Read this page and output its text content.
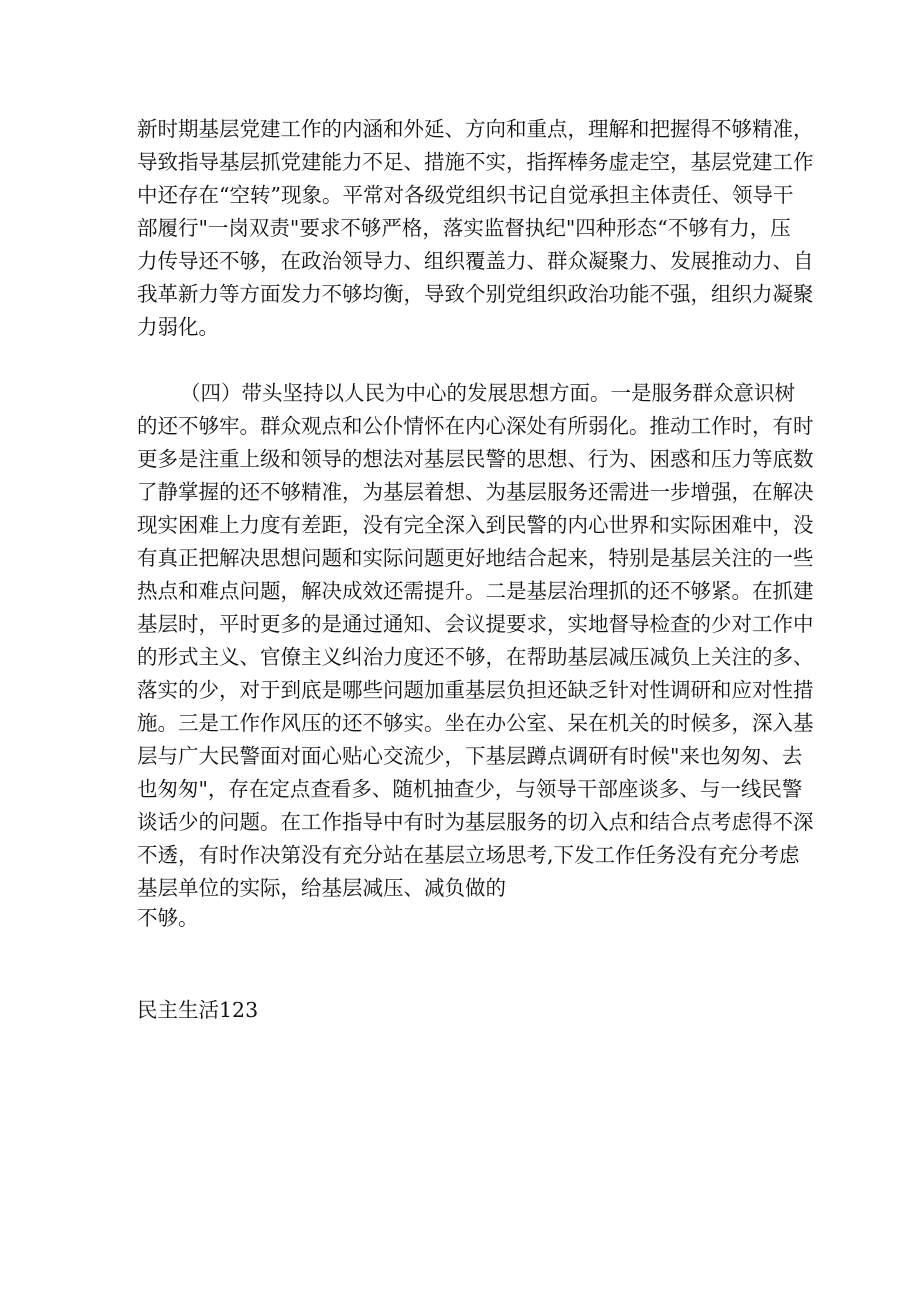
新时期基层党建工作的内涵和外延、方向和重点，理解和把握得不够精准，
导致指导基层抓党建能力不足、措施不实，指挥棒务虚走空，基层党建工作
中还存在“空转”现象。平常对各级党组织书记自觉承担主体责任、领导干
部履行"一岗双责"要求不够严格，落实监督执纪"四种形态“不够有力，压
力传导还不够，在政治领导力、组织覆盖力、群众凝聚力、发展推动力、自
我革新力等方面发力不够均衡，导致个别党组织政治功能不强，组织力凝聚
力弱化。
（四）带头坚持以人民为中心的发展思想方面。一是服务群众意识树
的还不够牢。群众观点和公仆情怀在内心深处有所弱化。推动工作时，有时
更多是注重上级和领导的想法对基层民警的思想、行为、困惑和压力等底数
了静掌握的还不够精准，为基层着想、为基层服务还需进一步增强，在解决
现实困难上力度有差距，没有完全深入到民警的内心世界和实际困难中，没
有真正把解决思想问题和实际问题更好地结合起来，特别是基层关注的一些
热点和难点问题，解决成效还需提升。二是基层治理抓的还不够紧。在抓建
基层时，平时更多的是通过通知、会议提要求，实地督导检查的少对工作中
的形式主义、官僚主义纠治力度还不够，在帮助基层减压减负上关注的多、
落实的少，对于到底是哪些问题加重基层负担还缺乏针对性调研和应对性措
施。三是工作作风压的还不够实。坐在办公室、呆在机关的时候多，深入基
层与广大民警面对面心贴心交流少，下基层蹲点调研有时候"来也匆匆、去
也匆匆"，存在定点查看多、随机抽查少，与领导干部座谈多、与一线民警
谈话少的问题。在工作指导中有时为基层服务的切入点和结合点考虑得不深
不透，有时作决第没有充分站在基层立场思考,下发工作任务没有充分考虑
基层单位的实际，给基层减压、减负做的
不够。
民主生活123
